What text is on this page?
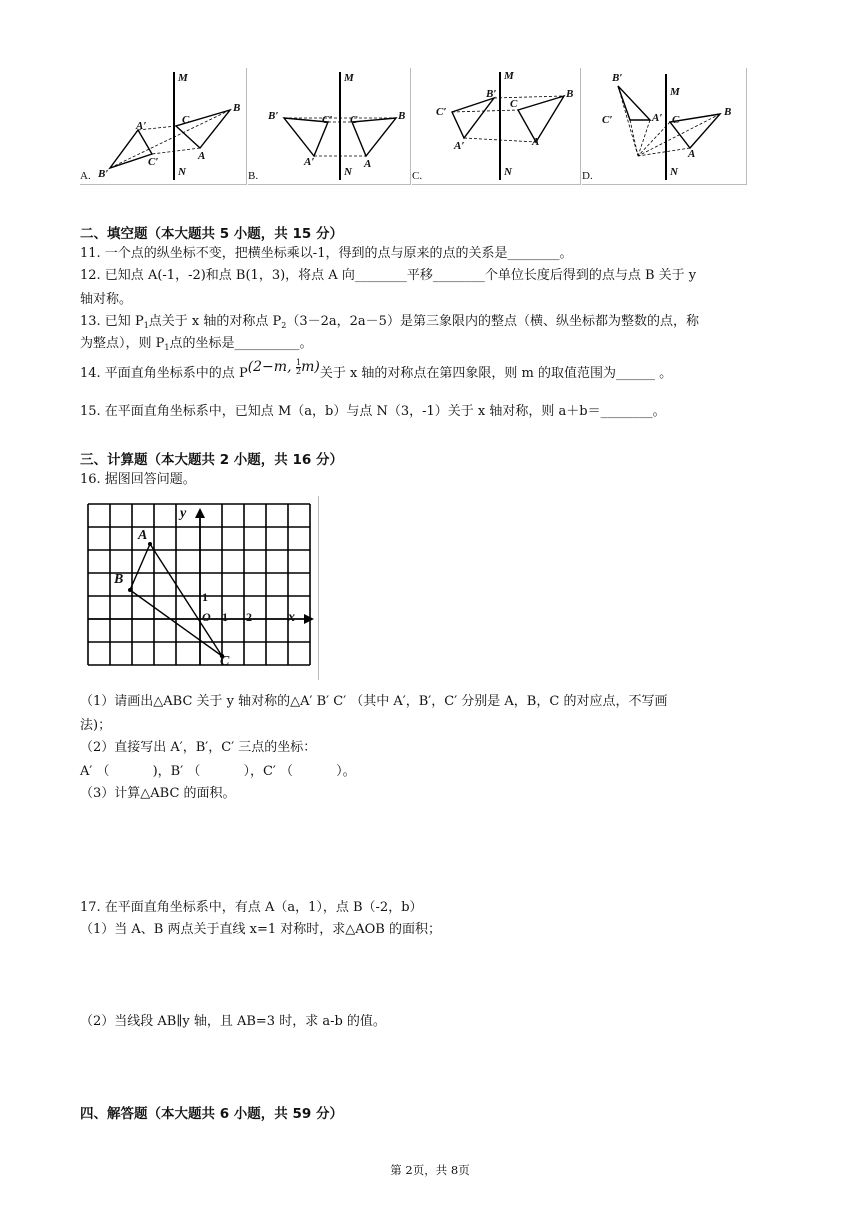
A.
M
N
B
C
A
A′
C′
B′	B.
M
N
B
B′	C′ C
A′	A
C.
M
N
B
B′
C
C′
A′	A
D.
M
N
B′
C′	A′ C
B
A
二、填空题（本大题共 5 小题，共 15 分）
11. 一个点的纵坐标不变，把横坐标乘以-1，得到的点与原来的点的关系是________。
12. 已知点 A(-1，-2)和点 B(1，3)，将点 A 向________平移________个单位长度后得到的点与点 B 关于 y
轴对称。
13. 已知 $P_1$点关于 x 轴的对称点 $P_2(3-2a$，2a－5）是第三象限内的整点（横、纵坐标都为整数的点，称
为整点），则 $P_1$点的坐标是__________。
14. 平面直角坐标系中的点 P(2−m, $\frac{1}{2} m$)关于 x 轴的对称点在第四象限，则 m 的取值范围为______ 。
15. 在平面直角坐标系中，已知点 M（a，b）与点 N（3，-1）关于 x 轴对称，则 a＋b＝________。
三、计算题（本大题共 2 小题，共 16 分）
16. 据图回答问题。
y
x
O 1 2
1
A
B
C
（1）请画出△ABC 关于 y 轴对称的△A′ B′ C′ （其中 A′，B′，C′ 分别是 A，B，C 的对应点，不写画
法)；
（2）直接写出 A′，B′，C′ 三点的坐标：
A′ （　　　 )，B′ （　　　 ），C′ （　　　 ）。
（3）计算△ABC 的面积。
17. 在平面直角坐标系中，有点 A（a，1），点 B（-2，b）
（1）当 A、B 两点关于直线 x=1 对称时，求△AOB 的面积；
（2）当线段 AB∥y 轴，且 AB=3 时，求 a-b 的值。
四、解答题（本大题共 6 小题，共 59 分）
第 2页，共 8页
